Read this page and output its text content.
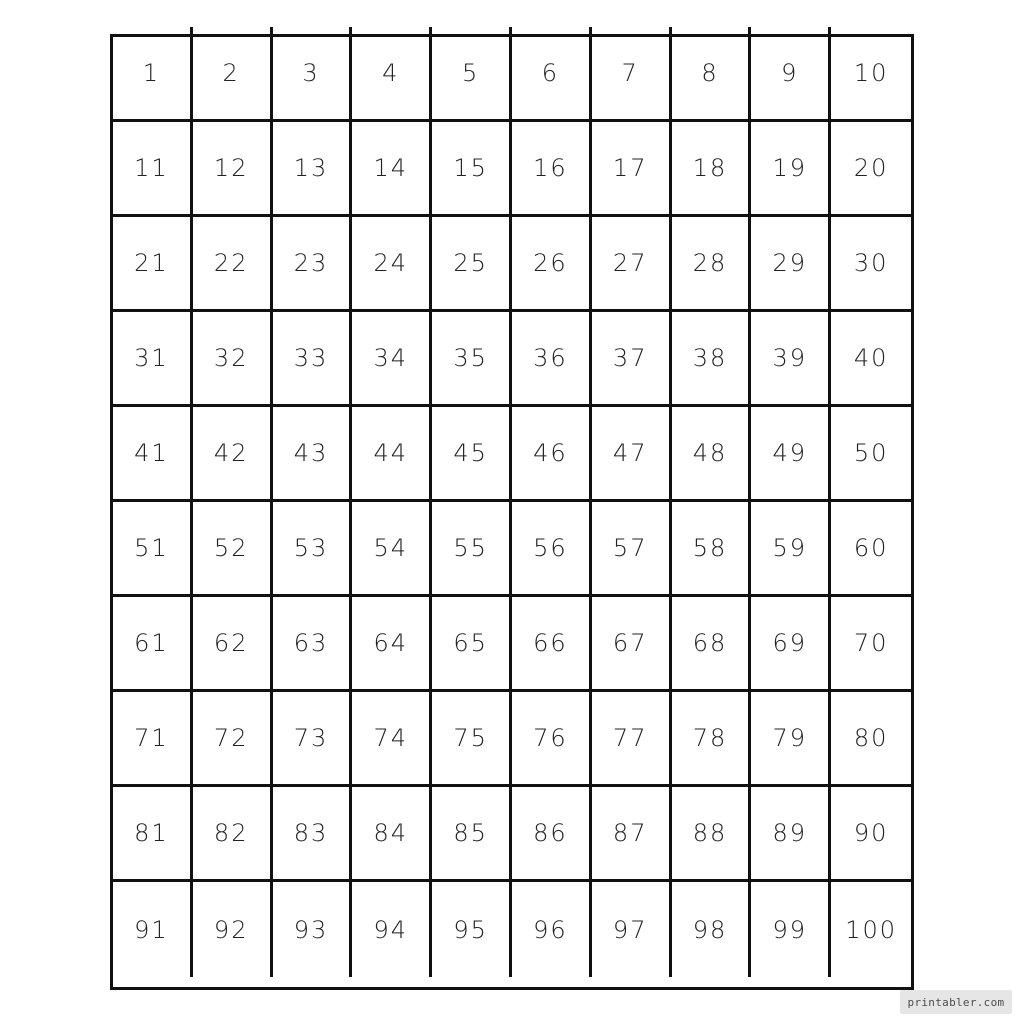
1	2	3	4	5	6	7	8	9	10
11	12	13	14	15	16	17	18	19	20
21	22	23	24	25	26	27	28	29	30
31	32	33	34	35	36	37	38	39	40
41	42	43	44	45	46	47	48	49	50
51	52	53	54	55	56	57	58	59	60
61	62	63	64	65	66	67	68	69	70
71	72	73	74	75	76	77	78	79	80
81	82	83	84	85	86	87	88	89	90
91	92	93	94	95	96	97	98	99	100
printabler.com
